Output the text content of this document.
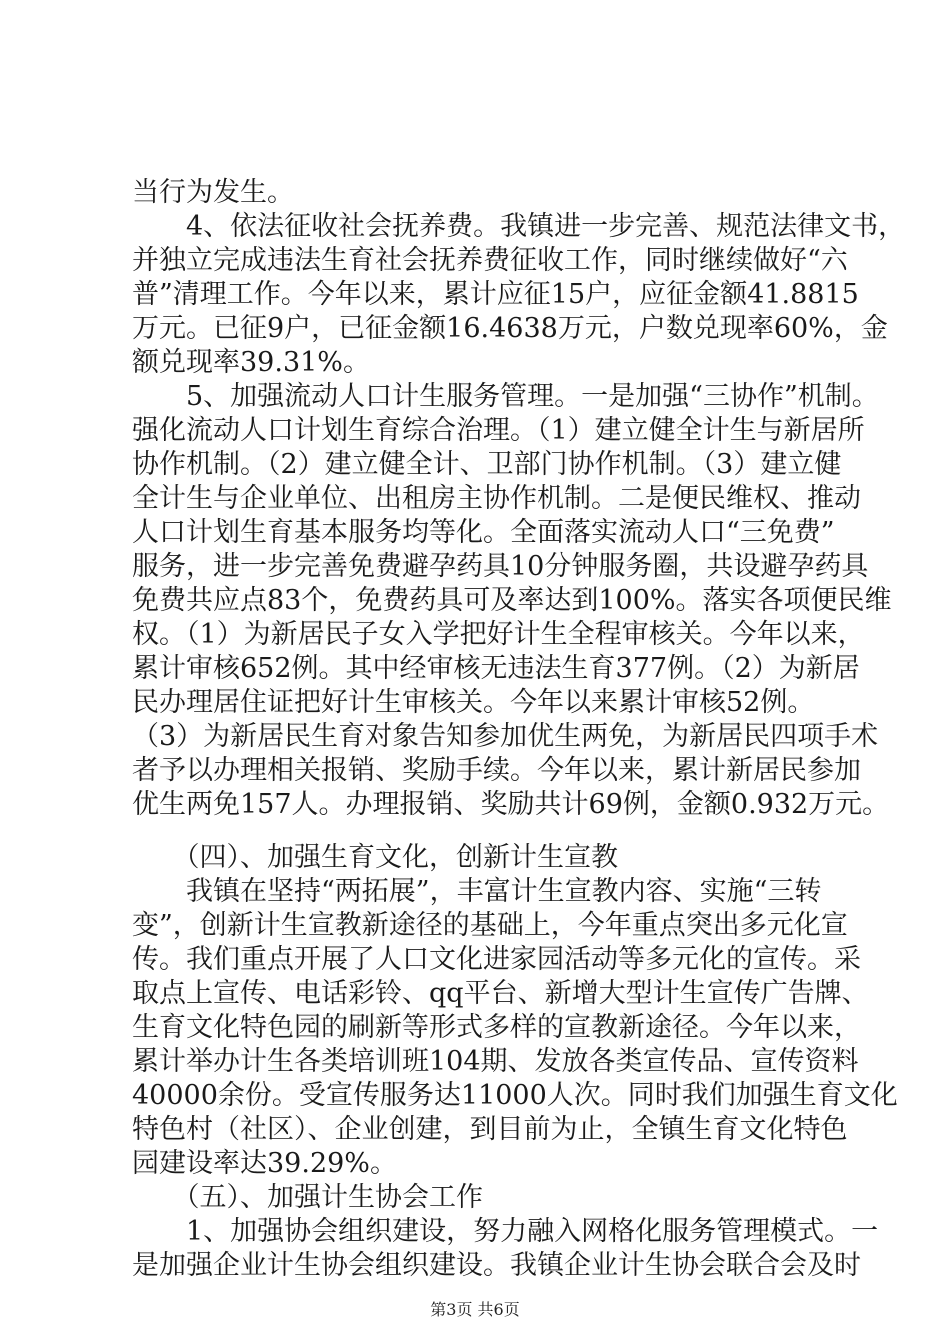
当行为发生。
　　4、依法征收社会抚养费。我镇进一步完善、规范法律文书，
并独立完成违法生育社会抚养费征收工作，同时继续做好“六
普”清理工作。今年以来，累计应征15户，应征金额41.8815
万元。已征9户，已征金额16.4638万元，户数兑现率60%，金
额兑现率39.31%。
　　5、加强流动人口计生服务管理。一是加强“三协作”机制。
强化流动人口计划生育综合治理。（1）建立健全计生与新居所
协作机制。（2）建立健全计、卫部门协作机制。（3）建立健
全计生与企业单位、出租房主协作机制。二是便民维权、推动
人口计划生育基本服务均等化。全面落实流动人口“三免费”
服务，进一步完善免费避孕药具10分钟服务圈，共设避孕药具
免费共应点83个，免费药具可及率达到100%。落实各项便民维
权。（1）为新居民子女入学把好计生全程审核关。今年以来，
累计审核652例。其中经审核无违法生育377例。（2）为新居
民办理居住证把好计生审核关。今年以来累计审核52例。
（3）为新居民生育对象告知参加优生两免，为新居民四项手术
者予以办理相关报销、奖励手续。今年以来，累计新居民参加
优生两免157人。办理报销、奖励共计69例，金额0.932万元。
　　（四）、加强生育文化，创新计生宣教
　　我镇在坚持“两拓展”，丰富计生宣教内容、实施“三转
变”，创新计生宣教新途径的基础上，今年重点突出多元化宣
传。我们重点开展了人口文化进家园活动等多元化的宣传。采
取点上宣传、电话彩铃、qq平台、新增大型计生宣传广告牌、
生育文化特色园的刷新等形式多样的宣教新途径。今年以来，
累计举办计生各类培训班104期、发放各类宣传品、宣传资料
40000余份。受宣传服务达11000人次。同时我们加强生育文化
特色村（社区）、企业创建，到目前为止，全镇生育文化特色
园建设率达39.29%。
　　（五）、加强计生协会工作
　　1、加强协会组织建设，努力融入网格化服务管理模式。一
是加强企业计生协会组织建设。我镇企业计生协会联合会及时
第3页 共6页
